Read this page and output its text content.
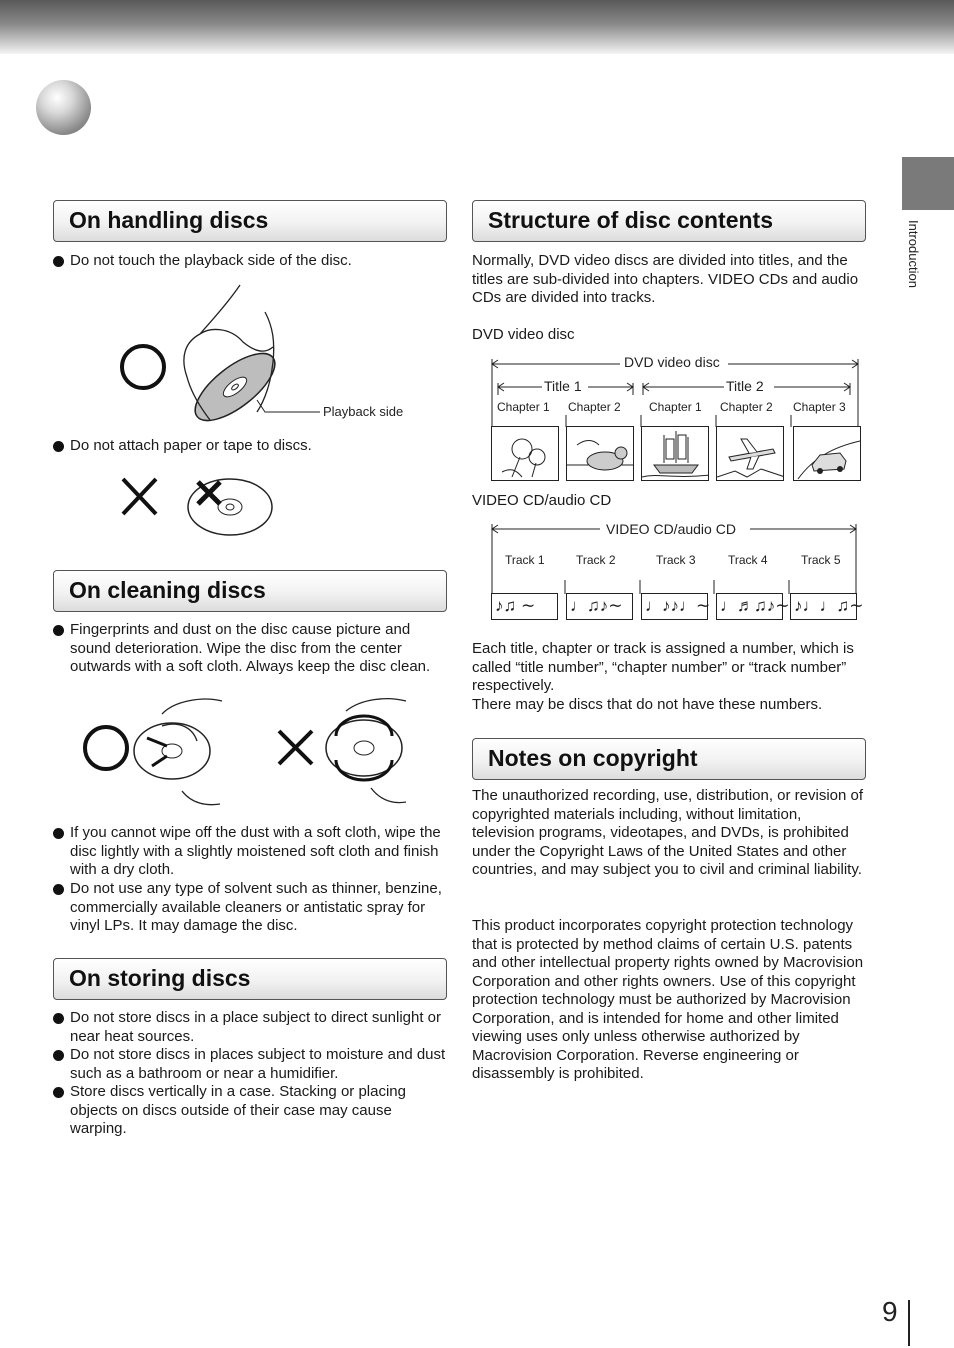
Introduction
On handling discs
Do not touch the playback side of the disc.
Playback side
Do not attach paper or tape to discs.
On cleaning discs
Fingerprints and dust on the disc cause picture and sound deterioration. Wipe the disc from the center outwards with a soft cloth. Always keep the disc clean.
If you cannot wipe off the dust with a soft cloth, wipe the disc lightly with a slightly moistened soft cloth and finish with a dry cloth.
Do not use any type of solvent such as thinner, benzine, commercially available cleaners or antistatic spray for vinyl LPs. It may damage the disc.
On storing discs
Do not store discs in a place subject to direct sunlight or near heat sources.
Do not store discs in places subject to moisture and dust such as a bathroom or near a humidifier.
Store discs vertically in a case. Stacking or placing objects on discs outside of their case may cause warping.
Structure of disc contents
Normally, DVD video discs are divided into titles, and the titles are sub-divided into chapters. VIDEO CDs and audio CDs are divided into tracks.
DVD video disc
DVD video disc
Title 1	Title 2
Chapter 1 Chapter 2 Chapter 1 Chapter 2 Chapter 3
VIDEO CD/audio CD
VIDEO CD/audio CD
Track 1	Track 2	Track 3	Track 4	Track 5
♪♫ ∼	♩♫♪∼	♩♪♪♩∼ ♩♬♫♪∼ ♪♩♩♫∼
Each title, chapter or track is assigned a number, which is called “title number”, “chapter number” or “track number” respectively.
There may be discs that do not have these numbers.
Notes on copyright
The unauthorized recording, use, distribution, or revision of copyrighted materials including, without limitation, television programs, videotapes, and DVDs, is prohibited under the Copyright Laws of the United States and other countries, and may subject you to civil and criminal liability.
This product incorporates copyright protection technology that is protected by method claims of certain U.S. patents and other intellectual property rights owned by Macrovision Corporation and other rights owners. Use of this copyright protection technology must be authorized by Macrovision Corporation, and is intended for home and other limited viewing uses only unless otherwise authorized by Macrovision Corporation. Reverse engineering or disassembly is prohibited.
9
